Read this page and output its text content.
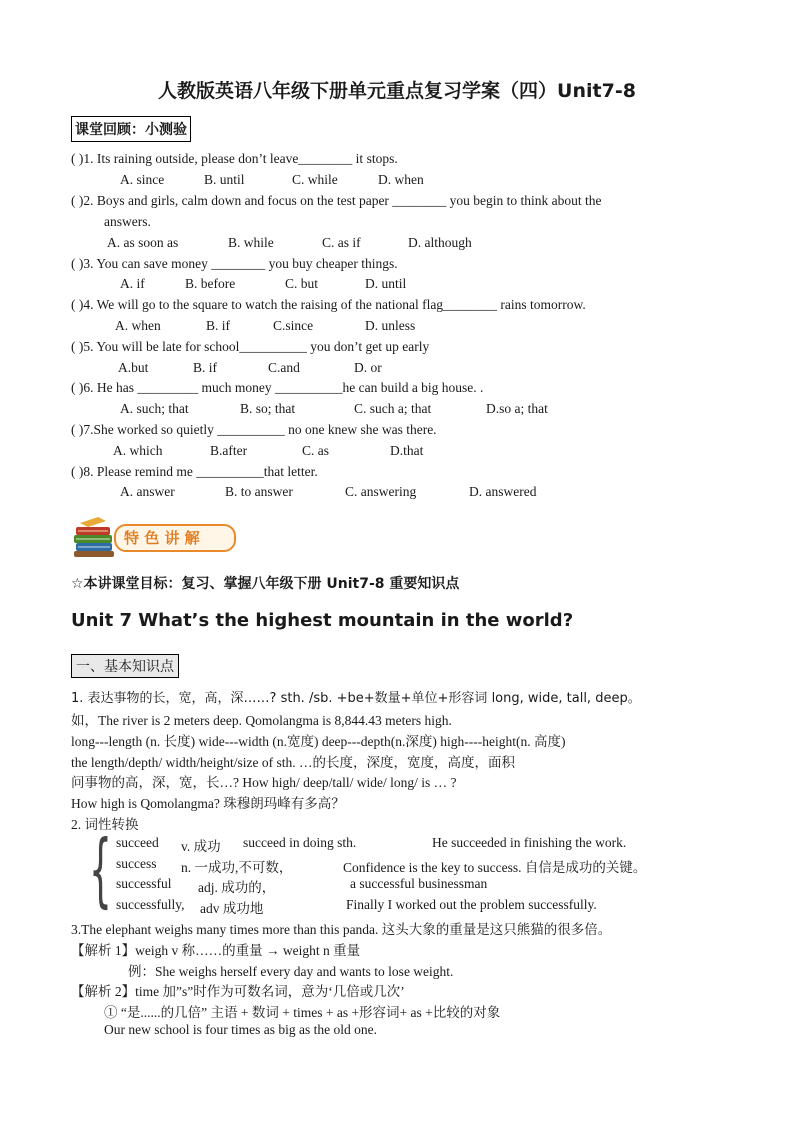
人教版英语八年级下册单元重点复习学案（四）Unit7-8
课堂回顾：小测验
( )1. Its raining outside, please don’t leave________ it stops.
A. since	B. until	C. while	D. when
( )2. Boys and girls, calm down and focus on the test paper ________ you begin to think about the
answers.
A. as soon as	B. while	C. as if	D. although
( )3. You can save money ________ you buy cheaper things.
A. if	B. before	C. but	D. until
( )4. We will go to the square to watch the raising of the national flag________ rains tomorrow.
A. when	B. if	C.since	D. unless
( )5. You will be late for school__________ you don’t get up early
A.but	B. if	C.and	D. or
( )6. He has _________ much money __________he can build a big house. .
A. such; that	B. so; that	C. such a; that	D.so a; that
( )7.She worked so quietly __________ no one knew she was there.
A. which	B.after	C. as	D.that
( )8. Please remind me __________that letter.
A. answer	B. to answer	C. answering	D. answered
特 色 讲 解
☆本讲课堂目标：复习、掌握八年级下册 Unit7-8 重要知识点
Unit 7 What’s the highest mountain in the world?
一、基本知识点
1. 表达事物的长，宽，高，深……? sth. /sb. +be+数量+单位+形容词 long, wide, tall, deep。
如，The river is 2 meters deep. Qomolangma is 8,844.43 meters high.
long---length (n. 长度) wide---width (n.宽度) deep---depth(n.深度) high----height(n. 高度)
the length/depth/ width/height/size of sth. …的长度，深度，宽度，高度，面积
问事物的高，深，宽，长…? How high/ deep/tall/ wide/ long/ is … ?
How high is Qomolangma? 珠穆朗玛峰有多高？
2. 词性转换
{ succeed v. 成功 succeed in doing sth.	He succeeded in finishing the work.
success n. 一成功,不可数，	Confidence is the key to success. 自信是成功的关键。
successful adj. 成功的，	a successful businessman
successfully, adv 成功地	Finally I worked out the problem successfully.
3.The elephant weighs many times more than this panda. 这头大象的重量是这只熊猫的很多倍。
【解析 1】weigh v 称……的重量 → weight n 重量
例：She weighs herself every day and wants to lose weight.
【解析 2】time 加”s”时作为可数名词，意为‘几倍或几次’
① “是......的几倍” 主语 + 数词 + times + as +形容词+ as +比较的对象
Our new school is four times as big as the old one.
